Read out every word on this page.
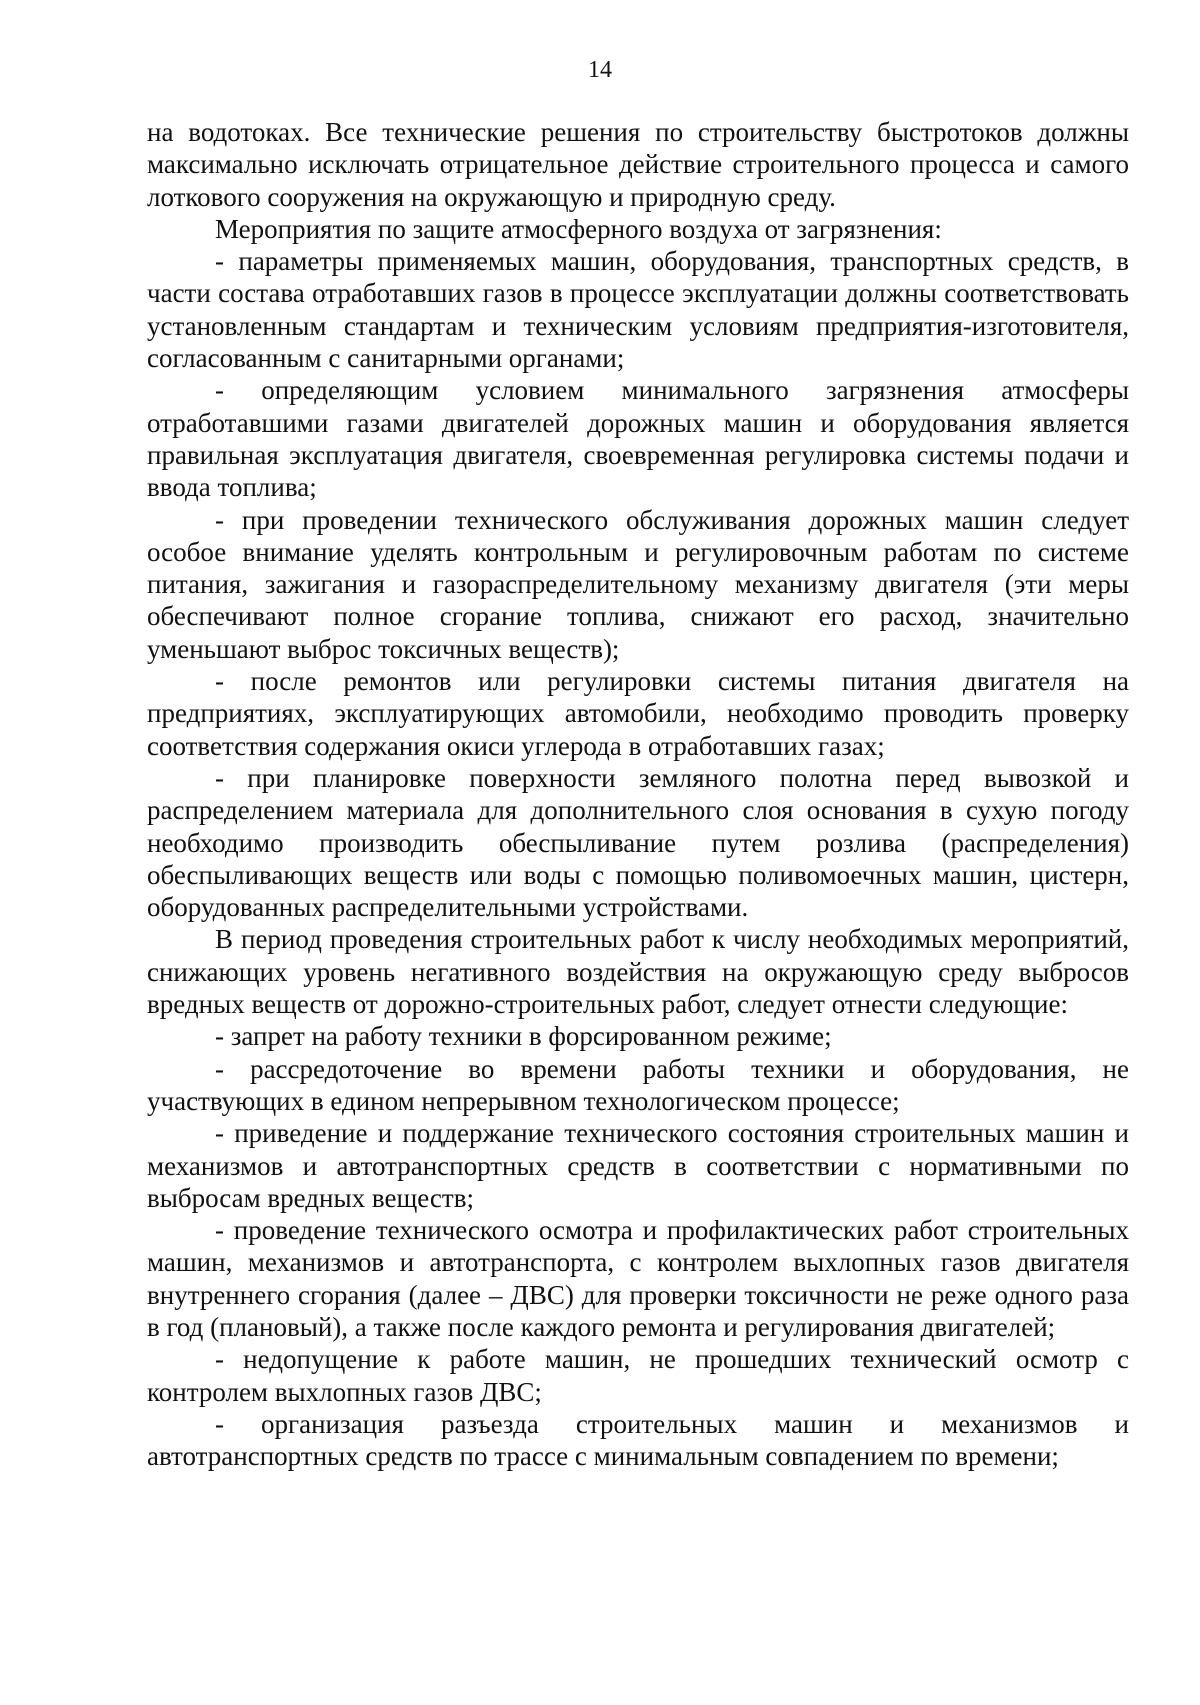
14

на водотоках. Все технические решения по строительству быстротоков должны максимально исключать отрицательное действие строительного процесса и самого лоткового сооружения на окружающую и природную среду.

Мероприятия по защите атмосферного воздуха от загрязнения:

- параметры применяемых машин, оборудования, транспортных средств, в части состава отработавших газов в процессе эксплуатации должны соответствовать установленным стандартам и техническим условиям предприятия-изготовителя, согласованным с санитарными органами;

- определяющим условием минимального загрязнения атмосферы отработавшими газами двигателей дорожных машин и оборудования является правильная эксплуатация двигателя, своевременная регулировка системы подачи и ввода топлива;

- при проведении технического обслуживания дорожных машин следует особое внимание уделять контрольным и регулировочным работам по системе питания, зажигания и газораспределительному механизму двигателя (эти меры обеспечивают полное сгорание топлива, снижают его расход, значительно уменьшают выброс токсичных веществ);

- после ремонтов или регулировки системы питания двигателя на предприятиях, эксплуатирующих автомобили, необходимо проводить проверку соответствия содержания окиси углерода в отработавших газах;

- при планировке поверхности земляного полотна перед вывозкой и распределением материала для дополнительного слоя основания в сухую погоду необходимо производить обеспыливание путем розлива (распределения) обеспыливающих веществ или воды с помощью поливомоечных машин, цистерн, оборудованных распределительными устройствами.

В период проведения строительных работ к числу необходимых мероприятий, снижающих уровень негативного воздействия на окружающую среду выбросов вредных веществ от дорожно-строительных работ, следует отнести следующие:

- запрет на работу техники в форсированном режиме;

- рассредоточение во времени работы техники и оборудования, не участвующих в едином непрерывном технологическом процессе;

- приведение и поддержание технического состояния строительных машин и механизмов и автотранспортных средств в соответствии с нормативными по выбросам вредных веществ;

- проведение технического осмотра и профилактических работ строительных машин, механизмов и автотранспорта, с контролем выхлопных газов двигателя внутреннего сгорания (далее – ДВС) для проверки токсичности не реже одного раза в год (плановый), а также после каждого ремонта и регулирования двигателей;

- недопущение к работе машин, не прошедших технический осмотр с контролем выхлопных газов ДВС;

- организация разъезда строительных машин и механизмов и автотранспортных средств по трассе с минимальным совпадением по времени;
